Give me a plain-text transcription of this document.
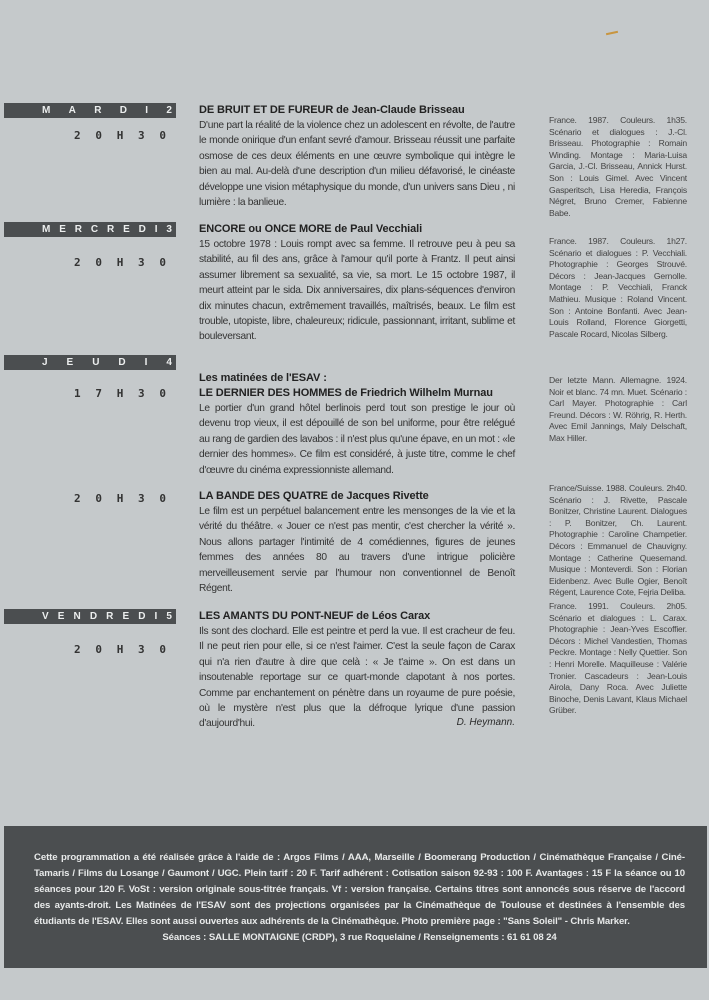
M A R D I 2
2 0 H 3 0
DE BRUIT ET DE FUREUR de Jean-Claude Brisseau
D'une part la réalité de la violence chez un adolescent en révolte, de l'autre le monde onirique d'un enfant sevré d'amour. Brisseau réussit une parfaite osmose de ces deux éléments en une œuvre symbolique qui intègre le bien au mal. Au-delà d'une description d'un milieu défavorisé, le cinéaste développe une vision métaphysique du monde, d'un univers sans Dieu , ni lumière : la banlieue.
France. 1987. Couleurs. 1h35. Scénario et dialogues : J.-Cl. Brisseau. Photographie : Romain Winding. Montage : Maria-Luisa Garcia, J.-Cl. Brisseau, Annick Hurst. Son : Louis Gimel. Avec Vincent Gasperitsch, Lisa Heredia, François Négret, Bruno Cremer, Fabienne Babe.
M E R C R E D I 3
2 0 H 3 0
ENCORE ou ONCE MORE de Paul Vecchiali
15 octobre 1978 : Louis rompt avec sa femme. Il retrouve peu à peu sa stabilité, au fil des ans, grâce à l'amour qu'il porte à Frantz. Il peut ainsi assumer librement sa sexualité, sa vie, sa mort. Le 15 octobre 1987, il meurt atteint par le sida. Dix anniversaires, dix plans-séquences d'environ dix minutes chacun, extrêmement travaillés, maîtrisés, beaux. Le film est trouble, utopiste, libre, chaleureux; ridicule, passionnant, irritant, sublime et bouleversant.
France. 1987. Couleurs. 1h27. Scénario et dialogues : P. Vecchiali. Photographie : Georges Strouvé. Décors : Jean-Jacques Gernolle. Montage : P. Vecchiali, Franck Mathieu. Musique : Roland Vincent. Son : Antoine Bonfanti. Avec Jean-Louis Rolland, Florence Giorgetti, Pascale Rocard, Nicolas Silberg.
J E U D I 4
1 7 H 3 0
Les matinées de l'ESAV :
LE DERNIER DES HOMMES de Friedrich Wilhelm Murnau
Le portier d'un grand hôtel berlinois perd tout son prestige le jour où devenu trop vieux, il est dépouillé de son bel uniforme, pour être relégué au rang de gardien des lavabos : il n'est plus qu'une épave, en un mot : «le dernier des hommes». Ce film est considéré, à juste titre, comme le chef d'œuvre du cinéma expressionniste allemand.
Der letzte Mann. Allemagne. 1924. Noir et blanc. 74 mn. Muet. Scénario : Carl Mayer. Photographie : Carl Freund. Décors : W. Röhrig, R. Herth. Avec Emil Jannings, Maly Delschaft, Max Hiller.
2 0 H 3 0	LA BANDE DES QUATRE de Jacques Rivette
Le film est un perpétuel balancement entre les mensonges de la vie et la vérité du théâtre. « Jouer ce n'est pas mentir, c'est chercher la vérité ». Nous allons partager l'intimité de 4 comédiennes, figures de jeunes femmes des années 80 au travers d'une intrigue policière merveilleusement servie par l'humour non conventionnel de Benoît Régent.
France/Suisse. 1988. Couleurs. 2h40. Scénario : J. Rivette, Pascale Bonitzer, Christine Laurent. Dialogues : P. Bonitzer, Ch. Laurent. Photographie : Caroline Champetier. Décors : Emmanuel de Chauvigny. Montage : Catherine Quesemand. Musique : Monteverdi. Son : Florian Eidenbenz. Avec Bulle Ogier, Benoît Régent, Laurence Cote, Fejria Deliba.
V E N D R E D I 5
2 0 H 3 0
LES AMANTS DU PONT-NEUF de Léos Carax
Ils sont des clochard. Elle est peintre et perd la vue. Il est cracheur de feu. Il ne peut rien pour elle, si ce n'est l'aimer. C'est la seule façon de Carax qui n'a rien d'autre à dire que celà : « Je t'aime ». On est dans un insoutenable reportage sur ce quart-monde clapotant à nos portes. Comme par enchantement on pénètre dans un royaume de pure poésie, où le mystère n'est plus que la défroque lyrique d'une passion d'aujourd'hui.	D. Heymann.
France. 1991. Couleurs. 2h05. Scénario et dialogues : L. Carax. Photographie : Jean-Yves Escoffier. Décors : Michel Vandestien, Thomas Peckre. Montage : Nelly Quettier. Son : Henri Morelle. Maquilleuse : Valérie Tronier. Cascadeurs : Jean-Louis Airola, Dany Roca. Avec Juliette Binoche, Denis Lavant, Klaus Michael Grüber.
Cette programmation a été réalisée grâce à l'aide de : Argos Films / AAA, Marseille / Boomerang Production / Cinémathèque Française / Ciné-Tamaris / Films du Losange / Gaumont / UGC. Plein tarif : 20 F. Tarif adhérent : Cotisation saison 92-93 : 100 F. Avantages : 15 F la séance ou 10 séances pour 120 F. VoSt : version originale sous-titrée français. Vf : version française. Certains titres sont annoncés sous réserve de l'accord des ayants-droit. Les Matinées de l'ESAV sont des projections organisées par la Cinémathèque de Toulouse et destinées à l'ensemble des étudiants de l'ESAV. Elles sont aussi ouvertes aux adhérents de la Cinémathèque. Photo première page : "Sans Soleil" - Chris Marker.
Séances : SALLE MONTAIGNE (CRDP), 3 rue Roquelaine / Renseignements : 61 61 08 24
